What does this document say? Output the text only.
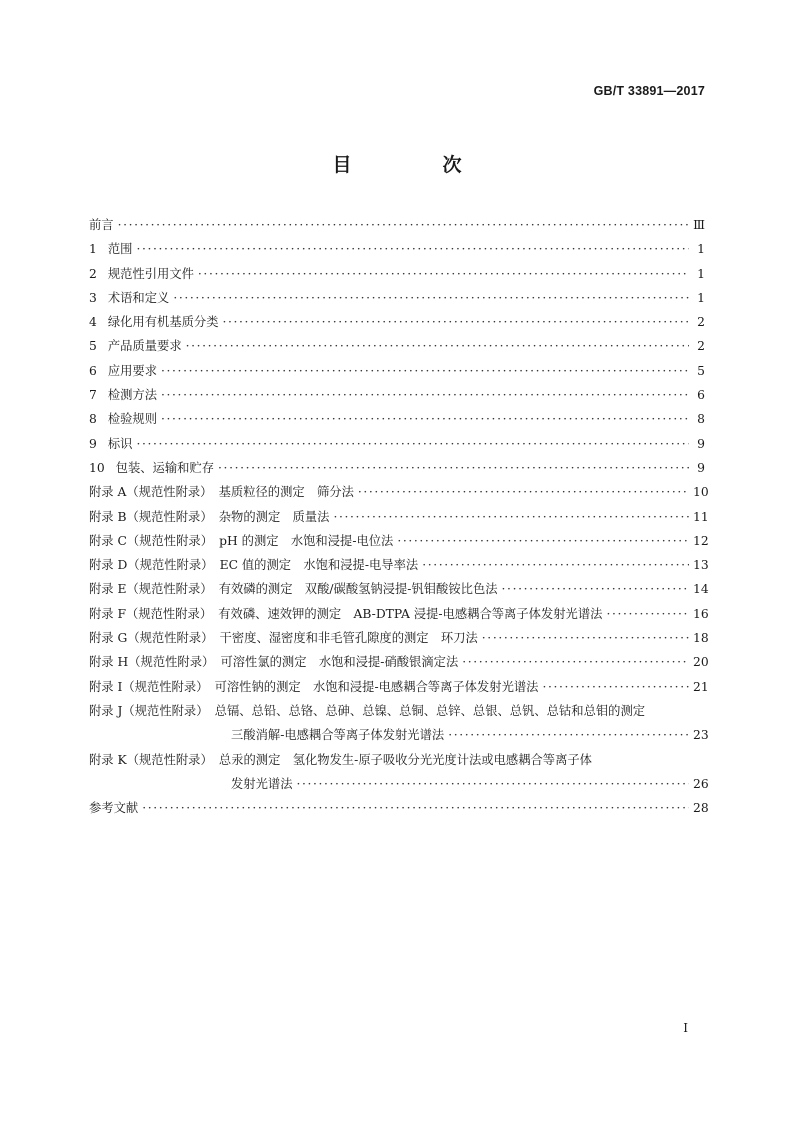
GB/T 33891—2017
目　次
前言 ·····	Ⅲ
1 范围 ·····	1
2 规范性引用文件 ·····	1
3 术语和定义 ·····	1
4 绿化用有机基质分类 ·····	2
5 产品质量要求 ·····	2
6 应用要求 ·····	5
7 检测方法 ·····	6
8 检验规则 ·····	8
9 标识 ·····	9
10 包装、运输和贮存 ·····	9
附录 A（规范性附录）　基质粒径的测定　筛分法 ·····	10
附录 B（规范性附录）　杂物的测定　质量法 ·····	11
附录 C（规范性附录）　pH 的测定　水饱和浸提-电位法 ·····	12
附录 D（规范性附录）　EC 值的测定　水饱和浸提-电导率法 ·····	13
附录 E（规范性附录）　有效磷的测定　双酸/碳酸氢钠浸提-钒钼酸铵比色法 ·····	14
附录 F（规范性附录）　有效磷、速效钾的测定　AB-DTPA 浸提-电感耦合等离子体发射光谱法 ·····	16
附录 G（规范性附录）　干密度、湿密度和非毛管孔隙度的测定　环刀法 ·····	18
附录 H（规范性附录）　可溶性氯的测定　水饱和浸提-硝酸银滴定法 ·····	20
附录 I（规范性附录）　可溶性钠的测定　水饱和浸提-电感耦合等离子体发射光谱法 ·····	21
附录 J（规范性附录）　总镉、总铅、总铬、总砷、总镍、总铜、总锌、总银、总钒、总钴和总钼的测定
三酸消解-电感耦合等离子体发射光谱法 ·····	23
附录 K（规范性附录）　总汞的测定　氢化物发生-原子吸收分光光度计法或电感耦合等离子体
发射光谱法 ·····	26
参考文献 ·····	28
I
